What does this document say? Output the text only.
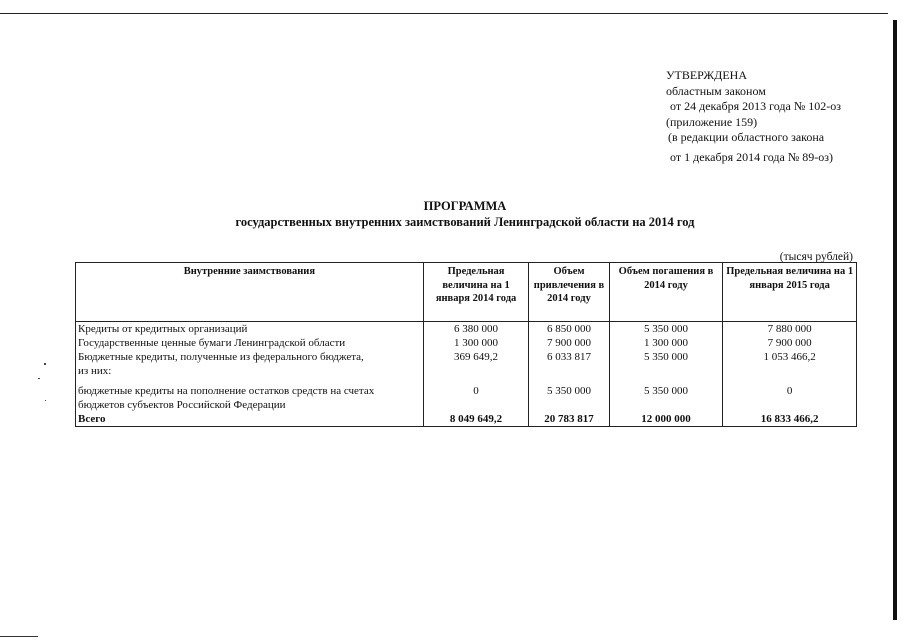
УТВЕРЖДЕНА
областным законом
от 24 декабря 2013 года № 102-оз
(приложение 159)
(в редакции областного закона
от 1 декабря 2014 года № 89-оз)
ПРОГРАММА
государственных внутренних заимствований Ленинградской области на 2014 год
(тысяч рублей)
Внутренние заимствования	Предельная величина на 1 января 2014 года	Объем привлечения в 2014 году	Объем погашения в 2014 году	Предельная величина на 1 января 2015 года
Кредиты от кредитных организаций	6 380 000	6 850 000	5 350 000	7 880 000
Государственные ценные бумаги Ленинградской области	1 300 000	7 900 000	1 300 000	7 900 000
Бюджетные кредиты, полученные из федерального бюджета,	369 649,2	6 033 817	5 350 000	1 053 466,2
из них:				
бюджетные кредиты на пополнение остатков средств на счетах бюджетов субъектов Российской Федерации	0	5 350 000	5 350 000	0
Всего	8 049 649,2	20 783 817	12 000 000	16 833 466,2
